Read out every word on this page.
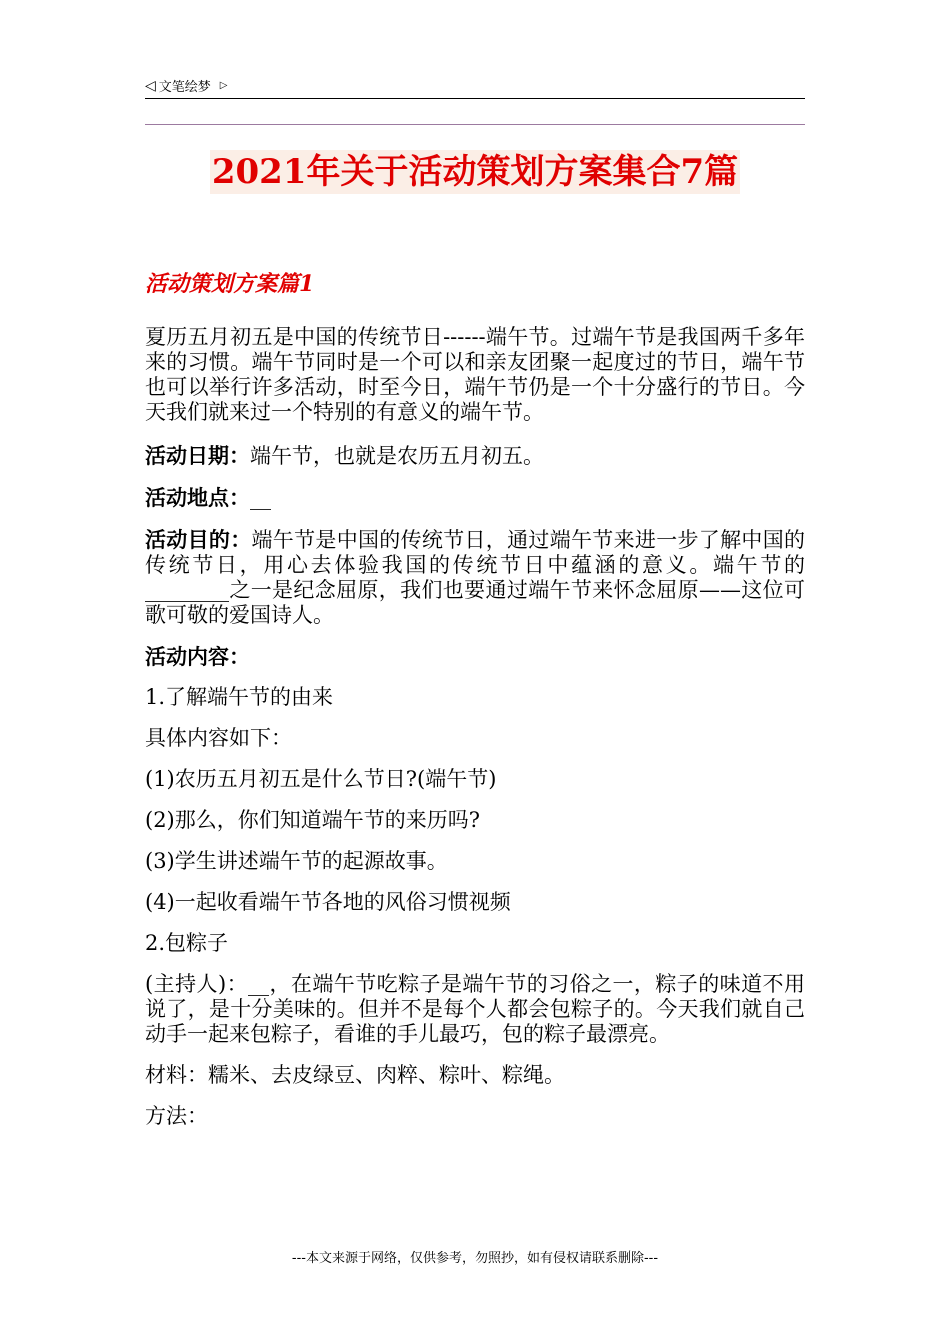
◁ 文笔绘梦 ▷
2021年关于活动策划方案集合7篇
活动策划方案篇1

夏历五月初五是中国的传统节日------端午节。过端午节是我国两千多年来的习惯。端午节同时是一个可以和亲友团聚一起度过的节日，端午节也可以举行许多活动，时至今日，端午节仍是一个十分盛行的节日。今天我们就来过一个特别的有意义的端午节。

活动日期：端午节，也就是农历五月初五。

活动地点：__

活动目的：端午节是中国的传统节日，通过端午节来进一步了解中国的传统节日，用心去体验我国的传统节日中蕴涵的意义。端午节的________之一是纪念屈原，我们也要通过端午节来怀念屈原——这位可歌可敬的爱国诗人。

活动内容：

1.了解端午节的由来

具体内容如下：

(1)农历五月初五是什么节日?(端午节)

(2)那么，你们知道端午节的来历吗?

(3)学生讲述端午节的起源故事。

(4)一起收看端午节各地的风俗习惯视频

2.包粽子

(主持人)：__，在端午节吃粽子是端午节的习俗之一，粽子的味道不用说了，是十分美味的。但并不是每个人都会包粽子的。今天我们就自己动手一起来包粽子，看谁的手儿最巧，包的粽子最漂亮。

材料：糯米、去皮绿豆、肉粹、粽叶、粽绳。

方法：

---本文来源于网络，仅供参考，勿照抄，如有侵权请联系删除---
